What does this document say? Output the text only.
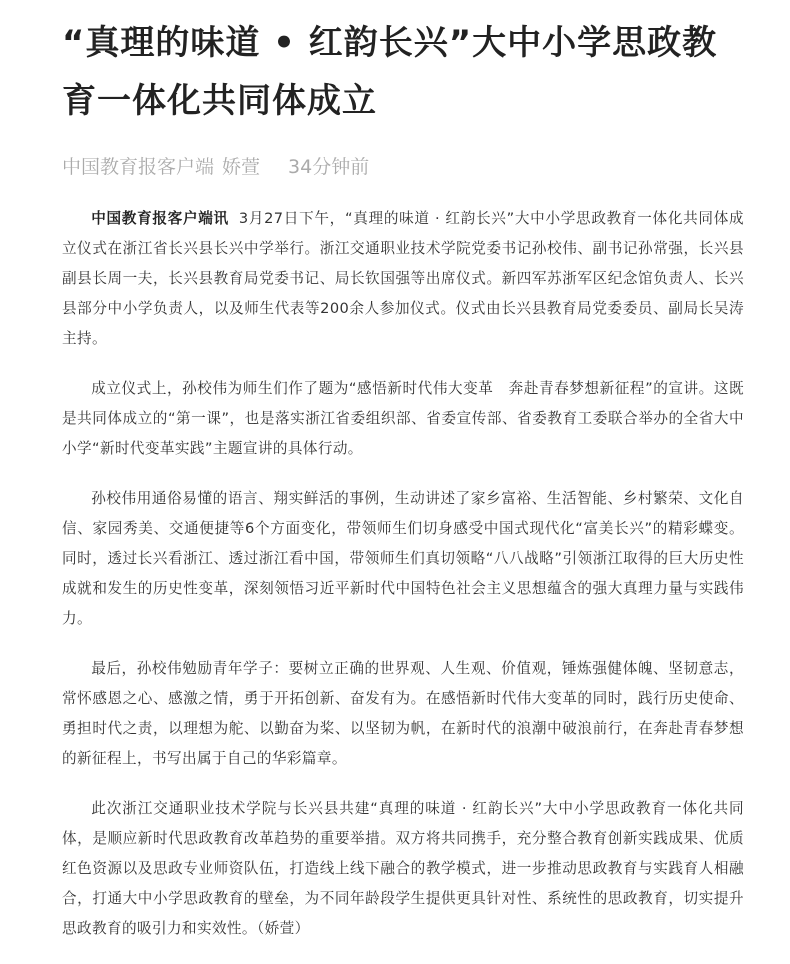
“真理的味道 • 红韵长兴”大中小学思政教育一体化共同体成立
中国教育报客户端 娇萱 34分钟前

中国教育报客户端讯 3月27日下午，“真理的味道 · 红韵长兴”大中小学思政教育一体化共同体成立仪式在浙江省长兴县长兴中学举行。浙江交通职业技术学院党委书记孙校伟、副书记孙常强，长兴县副县长周一夫，长兴县教育局党委书记、局长钦国强等出席仪式。新四军苏浙军区纪念馆负责人、长兴县部分中小学负责人，以及师生代表等200余人参加仪式。仪式由长兴县教育局党委委员、副局长吴涛主持。

成立仪式上，孙校伟为师生们作了题为“感悟新时代伟大变革　奔赴青春梦想新征程”的宣讲。这既是共同体成立的“第一课”，也是落实浙江省委组织部、省委宣传部、省委教育工委联合举办的全省大中小学“新时代变革实践”主题宣讲的具体行动。

孙校伟用通俗易懂的语言、翔实鲜活的事例，生动讲述了家乡富裕、生活智能、乡村繁荣、文化自信、家园秀美、交通便捷等6个方面变化，带领师生们切身感受中国式现代化“富美长兴”的精彩蝶变。同时，透过长兴看浙江、透过浙江看中国，带领师生们真切领略“八八战略”引领浙江取得的巨大历史性成就和发生的历史性变革，深刻领悟习近平新时代中国特色社会主义思想蕴含的强大真理力量与实践伟力。

最后，孙校伟勉励青年学子：要树立正确的世界观、人生观、价值观，锤炼强健体魄、坚韧意志，常怀感恩之心、感激之情，勇于开拓创新、奋发有为。在感悟新时代伟大变革的同时，践行历史使命、勇担时代之责，以理想为舵、以勤奋为桨、以坚韧为帆，在新时代的浪潮中破浪前行，在奔赴青春梦想的新征程上，书写出属于自己的华彩篇章。

此次浙江交通职业技术学院与长兴县共建“真理的味道 · 红韵长兴”大中小学思政教育一体化共同体，是顺应新时代思政教育改革趋势的重要举措。双方将共同携手，充分整合教育创新实践成果、优质红色资源以及思政专业师资队伍，打造线上线下融合的教学模式，进一步推动思政教育与实践育人相融合，打通大中小学思政教育的壁垒，为不同年龄段学生提供更具针对性、系统性的思政教育，切实提升思政教育的吸引力和实效性。（娇萱）
